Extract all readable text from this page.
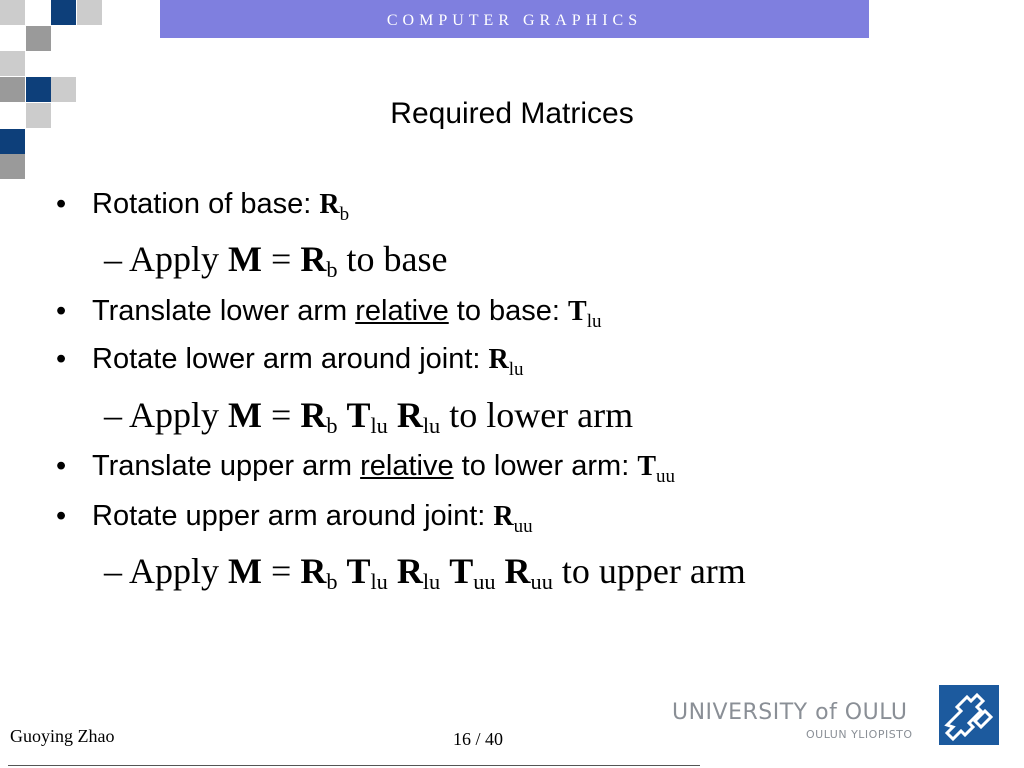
COMPUTER GRAPHICS
Required Matrices
• Rotation of base: $R_b$
– Apply $M = R_b$ to base
• Translate lower arm relative to base: $T_{lu}$
• Rotate lower arm around joint: $R_{lu}$
– Apply $M = R_b$ $T_{lu}$ $R_{lu}$ to lower arm
• Translate upper arm relative to lower arm: $T_{uu}$
• Rotate upper arm around joint: $R_{uu}$
– Apply $M = R_b$ $T_{lu}$ $R_{lu}$ $T_{uu}$ $R_{uu}$ to upper arm
Guoying Zhao	16 / 40
UNIVERSITY of OULU
OULUN YLIOPISTO
